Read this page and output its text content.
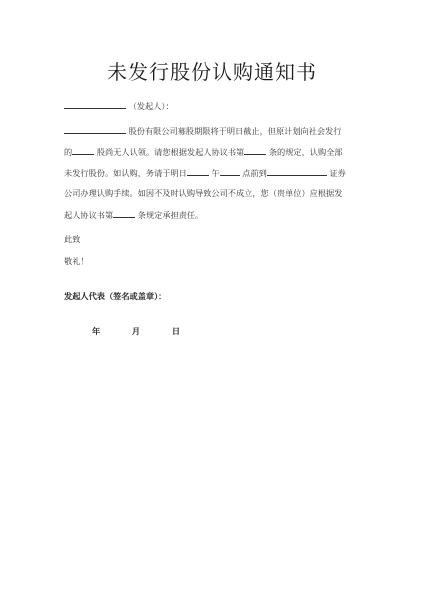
未发行股份认购通知书
（发起人）：
股份有限公司募股期限将于明日截止，但原计划向社会发行
的	股尚无人认领。请您根据发起人协议书第	条的规定，认购全部
未发行股份。如认购，务请于明日	午	点前到	证券
公司办理认购手续。如因不及时认购导致公司不成立，您（贵单位）应根据发
起人协议书第	条规定承担责任。
此致
敬礼！
发起人代表（签名或盖章）：
年	月	日
